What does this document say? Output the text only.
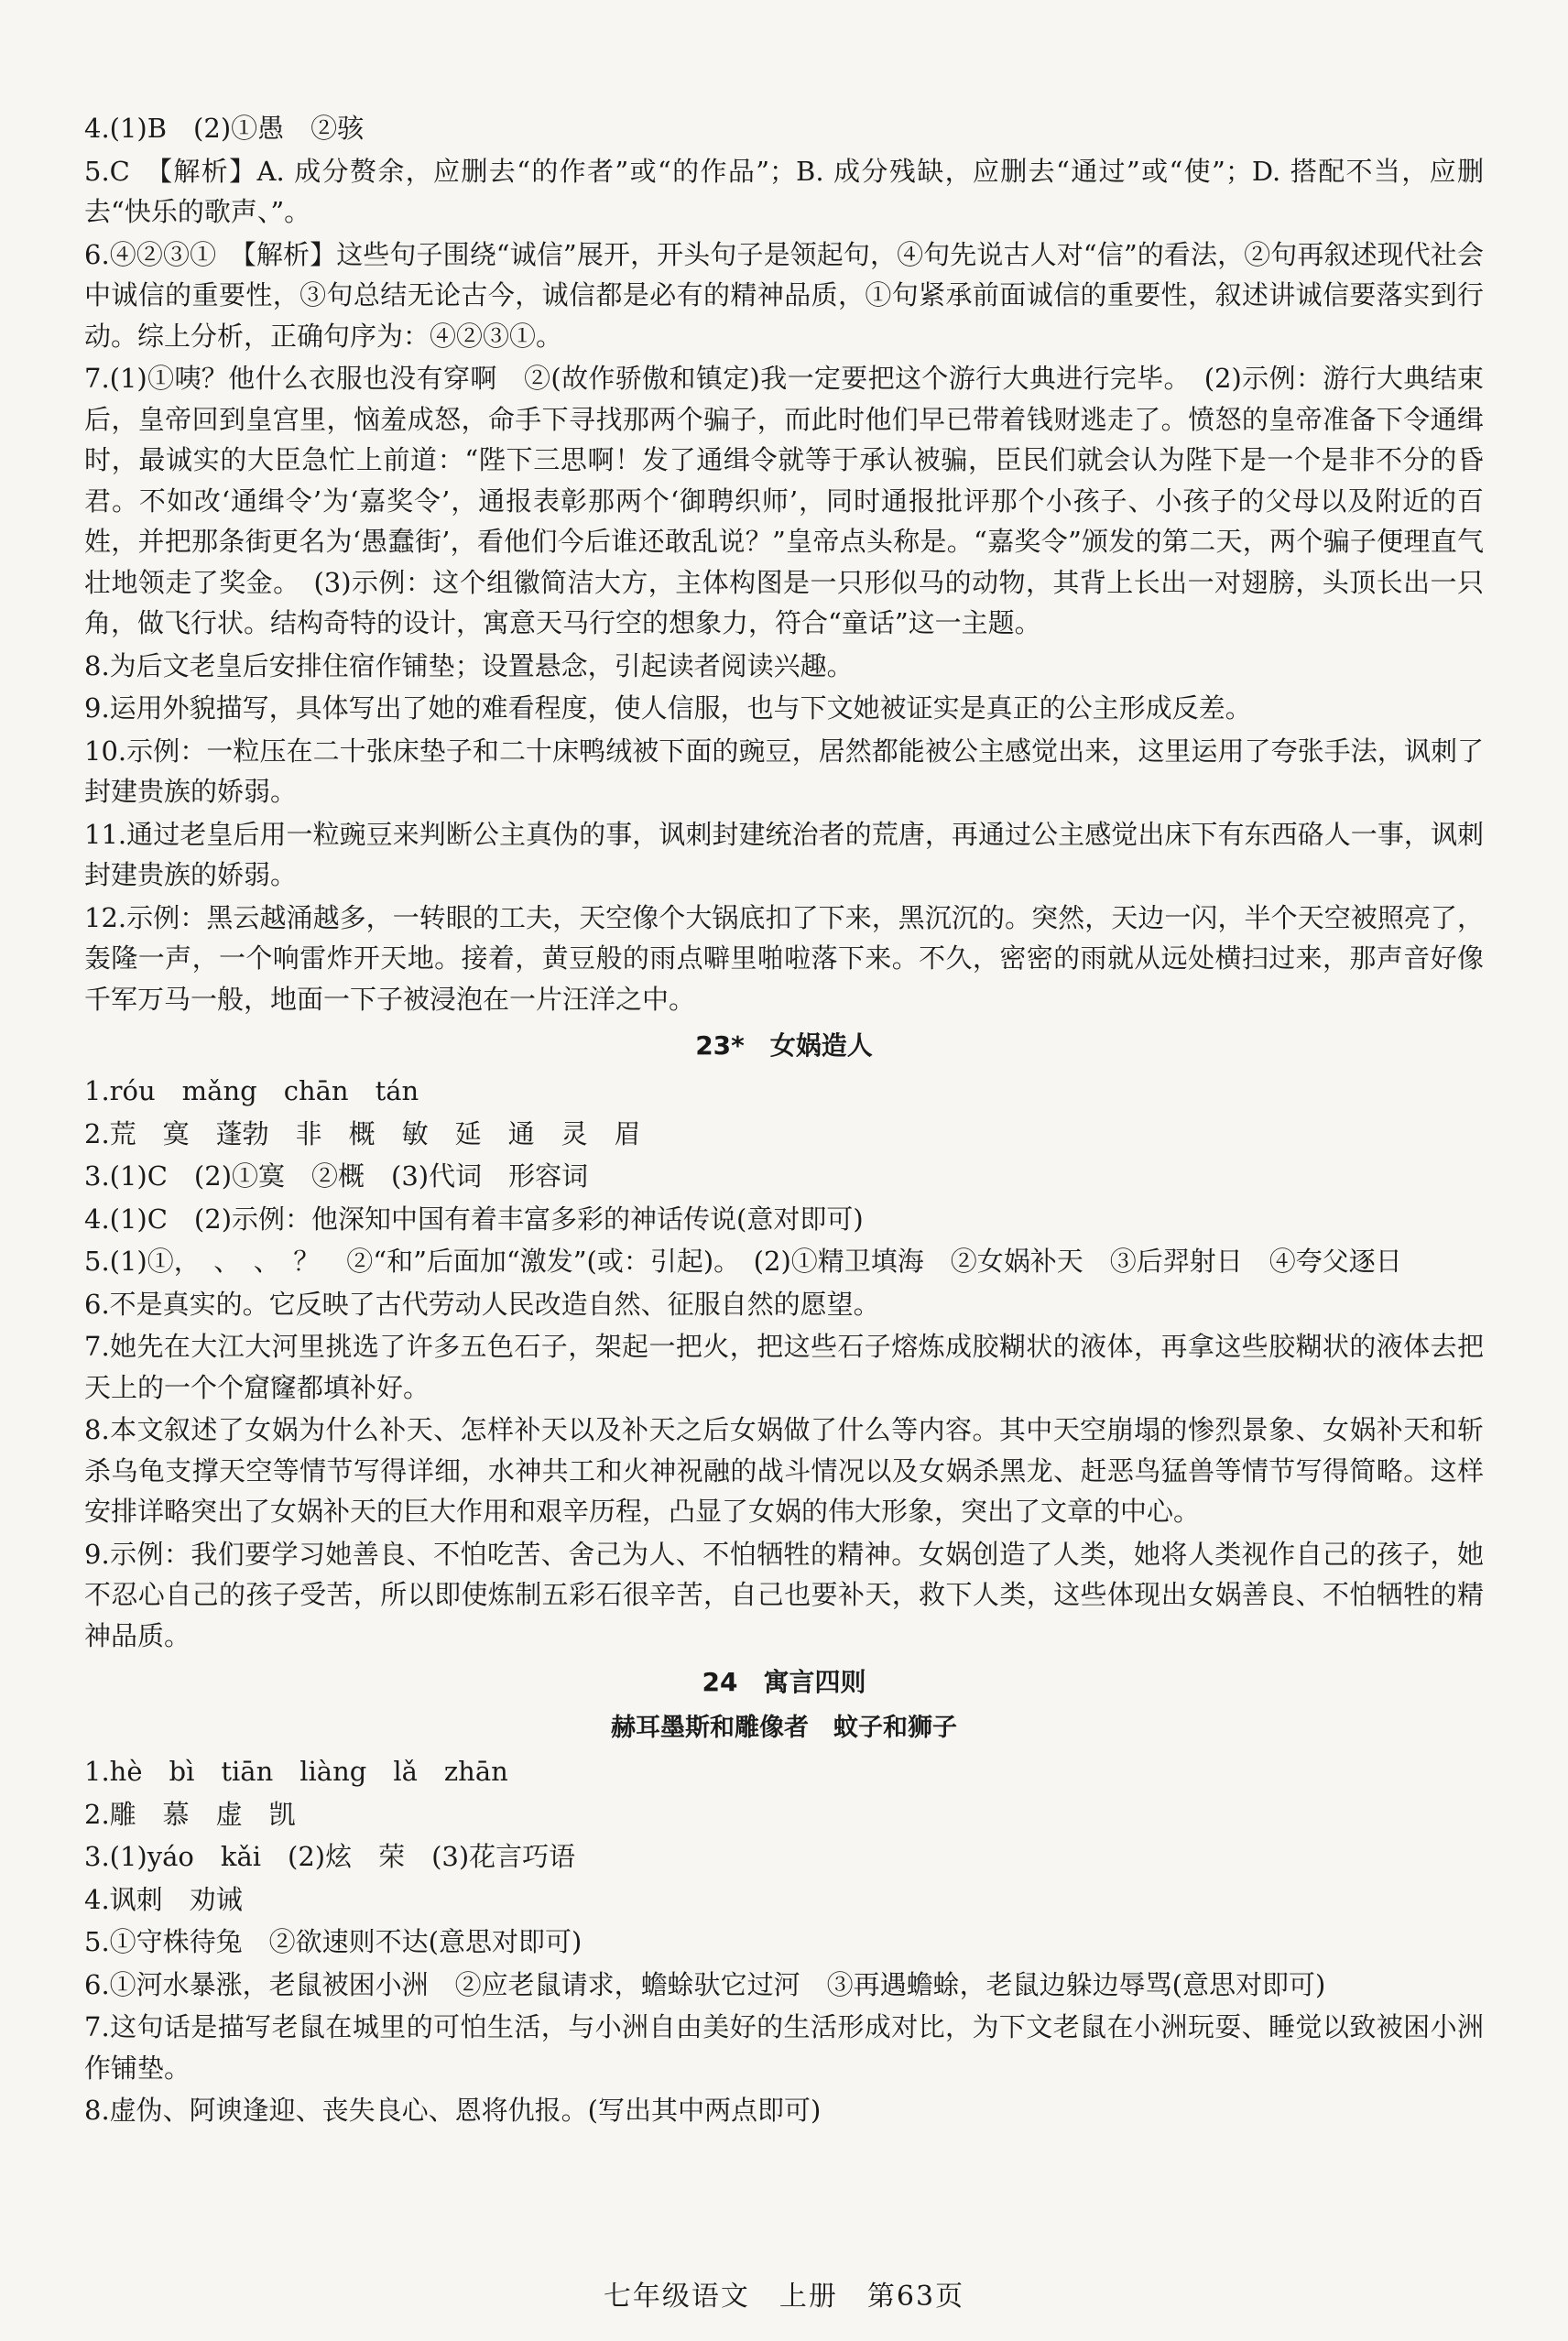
4.(1)B　(2)①愚　②骇

5.C　【解析】A. 成分赘余，应删去“的作者”或“的作品”；B. 成分残缺，应删去“通过”或“使”；D. 搭配不当，应删去“快乐的歌声、”。

6.④②③①　【解析】这些句子围绕“诚信”展开，开头句子是领起句，④句先说古人对“信”的看法，②句再叙述现代社会中诚信的重要性，③句总结无论古今，诚信都是必有的精神品质，①句紧承前面诚信的重要性，叙述讲诚信要落实到行动。综上分析，正确句序为：④②③①。

7.(1)①咦？他什么衣服也没有穿啊　②(故作骄傲和镇定)我一定要把这个游行大典进行完毕。　(2)示例：游行大典结束后，皇帝回到皇宫里，恼羞成怒，命手下寻找那两个骗子，而此时他们早已带着钱财逃走了。愤怒的皇帝准备下令通缉时，最诚实的大臣急忙上前道：“陛下三思啊！发了通缉令就等于承认被骗，臣民们就会认为陛下是一个是非不分的昏君。不如改‘通缉令’为‘嘉奖令’，通报表彰那两个‘御聘织师’，同时通报批评那个小孩子、小孩子的父母以及附近的百姓，并把那条街更名为‘愚蠢街’，看他们今后谁还敢乱说？”皇帝点头称是。“嘉奖令”颁发的第二天，两个骗子便理直气壮地领走了奖金。　(3)示例：这个组徽简洁大方，主体构图是一只形似马的动物，其背上长出一对翅膀，头顶长出一只角，做飞行状。结构奇特的设计，寓意天马行空的想象力，符合“童话”这一主题。

8.为后文老皇后安排住宿作铺垫；设置悬念，引起读者阅读兴趣。

9.运用外貌描写，具体写出了她的难看程度，使人信服，也与下文她被证实是真正的公主形成反差。

10.示例：一粒压在二十张床垫子和二十床鸭绒被下面的豌豆，居然都能被公主感觉出来，这里运用了夸张手法，讽刺了封建贵族的娇弱。

11.通过老皇后用一粒豌豆来判断公主真伪的事，讽刺封建统治者的荒唐，再通过公主感觉出床下有东西硌人一事，讽刺封建贵族的娇弱。

12.示例：黑云越涌越多，一转眼的工夫，天空像个大锅底扣了下来，黑沉沉的。突然，天边一闪，半个天空被照亮了，轰隆一声，一个响雷炸开天地。接着，黄豆般的雨点噼里啪啦落下来。不久，密密的雨就从远处横扫过来，那声音好像千军万马一般，地面一下子被浸泡在一片汪洋之中。

23*　女娲造人

1.róu　mǎng　chān　tán

2.荒　寞　蓬勃　非　概　敏　延　通　灵　眉

3.(1)C　(2)①寞　②概　(3)代词　形容词

4.(1)C　(2)示例：他深知中国有着丰富多彩的神话传说(意对即可)

5.(1)①，　、　、　？　②“和”后面加“激发”(或：引起)。　(2)①精卫填海　②女娲补天　③后羿射日　④夸父逐日

6.不是真实的。它反映了古代劳动人民改造自然、征服自然的愿望。

7.她先在大江大河里挑选了许多五色石子，架起一把火，把这些石子熔炼成胶糊状的液体，再拿这些胶糊状的液体去把天上的一个个窟窿都填补好。

8.本文叙述了女娲为什么补天、怎样补天以及补天之后女娲做了什么等内容。其中天空崩塌的惨烈景象、女娲补天和斩杀乌龟支撑天空等情节写得详细，水神共工和火神祝融的战斗情况以及女娲杀黑龙、赶恶鸟猛兽等情节写得简略。这样安排详略突出了女娲补天的巨大作用和艰辛历程，凸显了女娲的伟大形象，突出了文章的中心。

9.示例：我们要学习她善良、不怕吃苦、舍己为人、不怕牺牲的精神。女娲创造了人类，她将人类视作自己的孩子，她不忍心自己的孩子受苦，所以即使炼制五彩石很辛苦，自己也要补天，救下人类，这些体现出女娲善良、不怕牺牲的精神品质。

24　寓言四则
赫耳墨斯和雕像者　蚊子和狮子

1.hè　bì　tiān　liàng　lǎ　zhān

2.雕　慕　虚　凯

3.(1)yáo　kǎi　(2)炫　荣　(3)花言巧语

4.讽刺　劝诫

5.①守株待兔　②欲速则不达(意思对即可)

6.①河水暴涨，老鼠被困小洲　②应老鼠请求，蟾蜍驮它过河　③再遇蟾蜍，老鼠边躲边辱骂(意思对即可)

7.这句话是描写老鼠在城里的可怕生活，与小洲自由美好的生活形成对比，为下文老鼠在小洲玩耍、睡觉以致被困小洲作铺垫。

8.虚伪、阿谀逢迎、丧失良心、恩将仇报。(写出其中两点即可)

七年级语文　上册　第63页
